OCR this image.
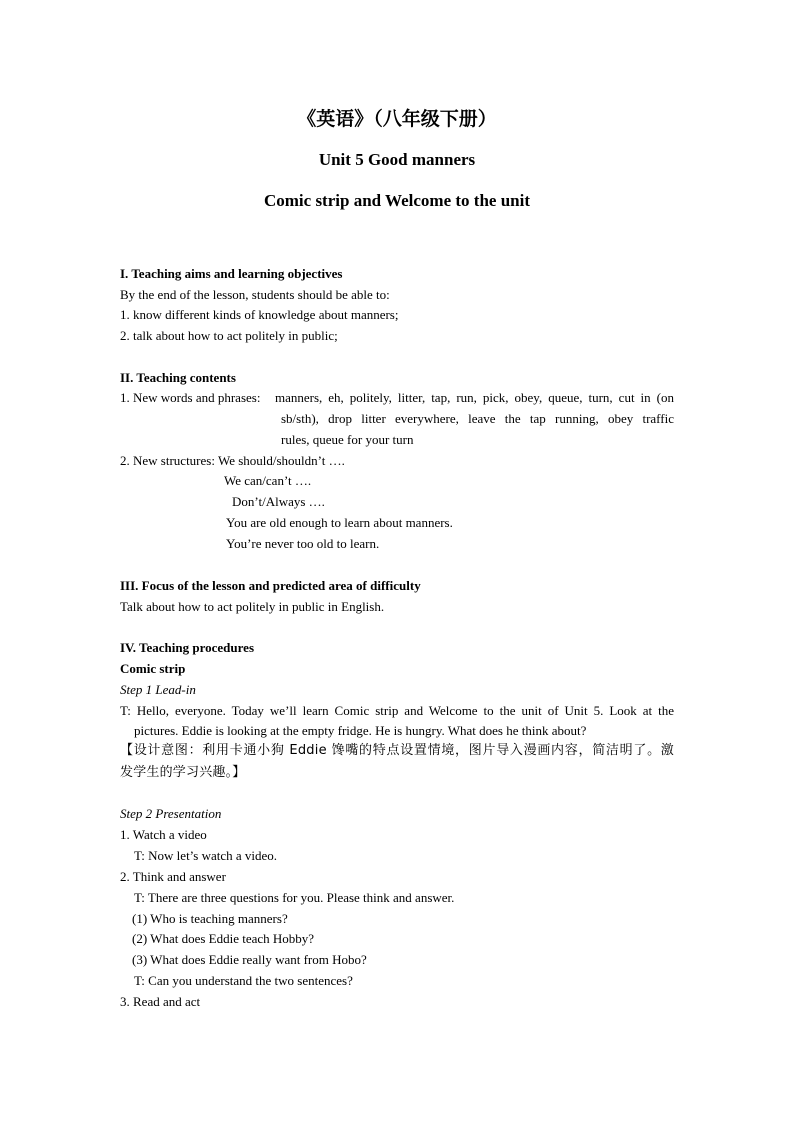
《英语》（八年级下册）
Unit 5 Good manners
Comic strip and Welcome to the unit
I. Teaching aims and learning objectives
By the end of the lesson, students should be able to:
1. know different kinds of knowledge about manners;
2. talk about how to act politely in public;
II. Teaching contents
1. New words and phrases: manners, eh, politely, litter, tap, run, pick, obey, queue, turn, cut in (on
sb/sth), drop litter everywhere, leave the tap running, obey traffic
rules, queue for your turn
2. New structures: We should/shouldn’t ….
We can/can’t ….
Don’t/Always ….
You are old enough to learn about manners.
You’re never too old to learn.
III. Focus of the lesson and predicted area of difficulty
Talk about how to act politely in public in English.
IV. Teaching procedures
Comic strip
Step 1 Lead-in
T: Hello, everyone. Today we’ll learn Comic strip and Welcome to the unit of Unit 5. Look at the
pictures. Eddie is looking at the empty fridge. He is hungry. What does he think about?
【设计意图：利用卡通小狗 Eddie 馋嘴的特点设置情境，图片导入漫画内容，简洁明了。激
发学生的学习兴趣。】
Step 2 Presentation
1. Watch a video
T: Now let’s watch a video.
2. Think and answer
T: There are three questions for you. Please think and answer.
(1) Who is teaching manners?
(2) What does Eddie teach Hobby?
(3) What does Eddie really want from Hobo?
T: Can you understand the two sentences?
3. Read and act
